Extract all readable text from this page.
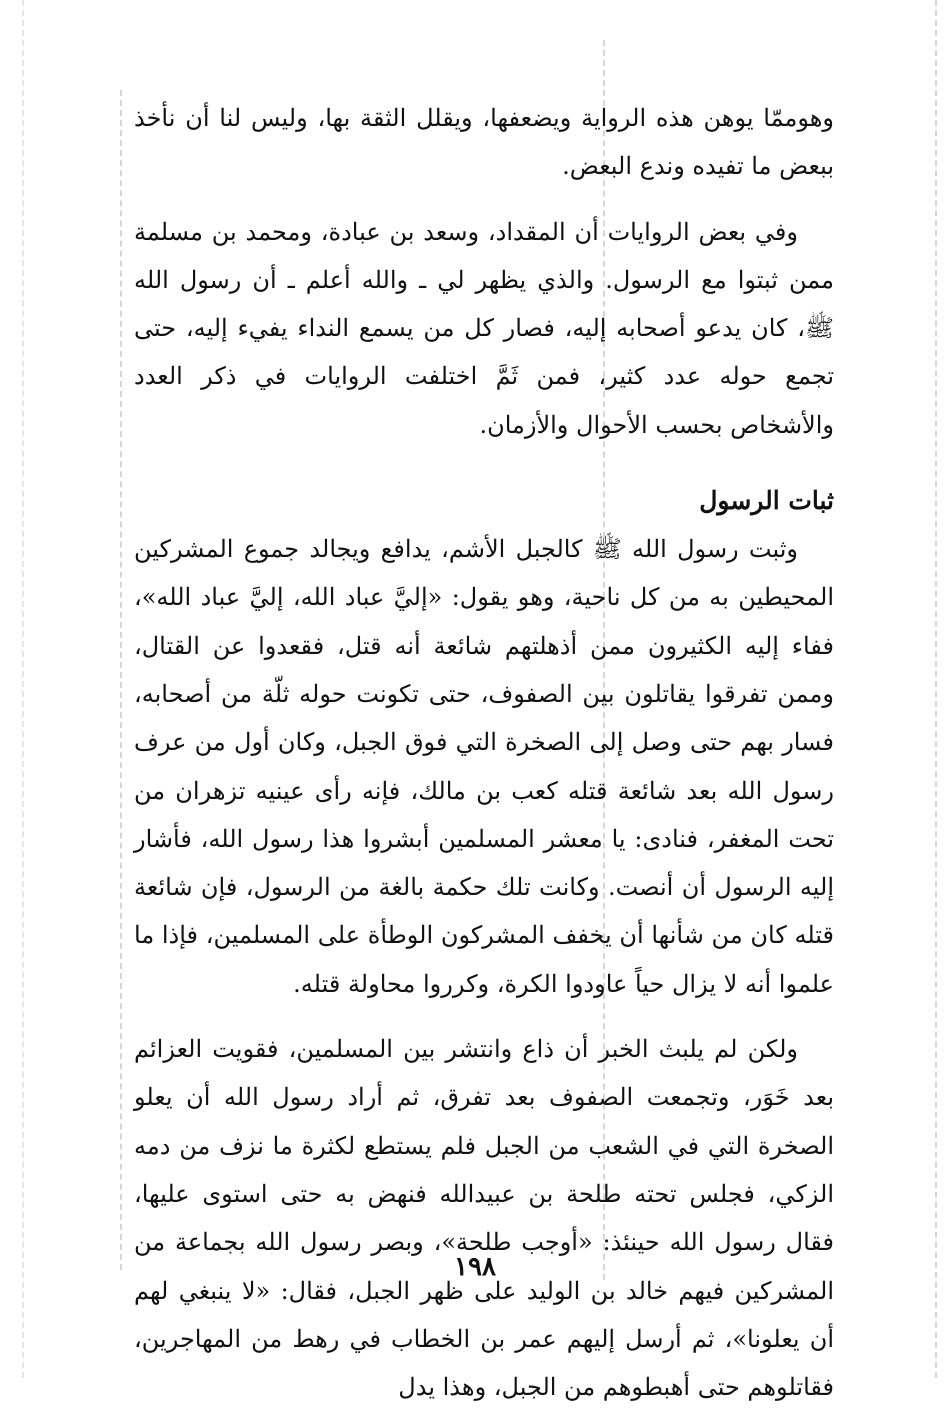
وهوممّا يوهن هذه الرواية ويضعفها، ويقلل الثقة بها، وليس لنا أن نأخذ ببعض ما تفيده وندع البعض.

وفي بعض الروايات أن المقداد، وسعد بن عبادة، ومحمد بن مسلمة ممن ثبتوا مع الرسول. والذي يظهر لي ـ والله أعلم ـ أن رسول الله ﷺ، كان يدعو أصحابه إليه، فصار كل من يسمع النداء يفيء إليه، حتى تجمع حوله عدد كثير، فمن ثَمَّ اختلفت الروايات في ذكر العدد والأشخاص بحسب الأحوال والأزمان.

ثبات الرسول

وثبت رسول الله ﷺ كالجبل الأشم، يدافع ويجالد جموع المشركين المحيطين به من كل ناحية، وهو يقول: «إليَّ عباد الله، إليَّ عباد الله»، ففاء إليه الكثيرون ممن أذهلتهم شائعة أنه قتل، فقعدوا عن القتال، وممن تفرقوا يقاتلون بين الصفوف، حتى تكونت حوله ثلّة من أصحابه، فسار بهم حتى وصل إلى الصخرة التي فوق الجبل، وكان أول من عرف رسول الله بعد شائعة قتله كعب بن مالك، فإنه رأى عينيه تزهران من تحت المغفر، فنادى: يا معشر المسلمين أبشروا هذا رسول الله، فأشار إليه الرسول أن أنصت. وكانت تلك حكمة بالغة من الرسول، فإن شائعة قتله كان من شأنها أن يخفف المشركون الوطأة على المسلمين، فإذا ما علموا أنه لا يزال حياً عاودوا الكرة، وكرروا محاولة قتله.

ولكن لم يلبث الخبر أن ذاع وانتشر بين المسلمين، فقويت العزائم بعد خَوَر، وتجمعت الصفوف بعد تفرق، ثم أراد رسول الله أن يعلو الصخرة التي في الشعب من الجبل فلم يستطع لكثرة ما نزف من دمه الزكي، فجلس تحته طلحة بن عبيدالله فنهض به حتى استوى عليها، فقال رسول الله حينئذ: «أوجب طلحة»، وبصر رسول الله بجماعة من المشركين فيهم خالد بن الوليد على ظهر الجبل، فقال: «لا ينبغي لهم أن يعلونا»، ثم أرسل إليهم عمر بن الخطاب في رهط من المهاجرين، فقاتلوهم حتى أهبطوهم من الجبل، وهذا يدل

١٩٨
